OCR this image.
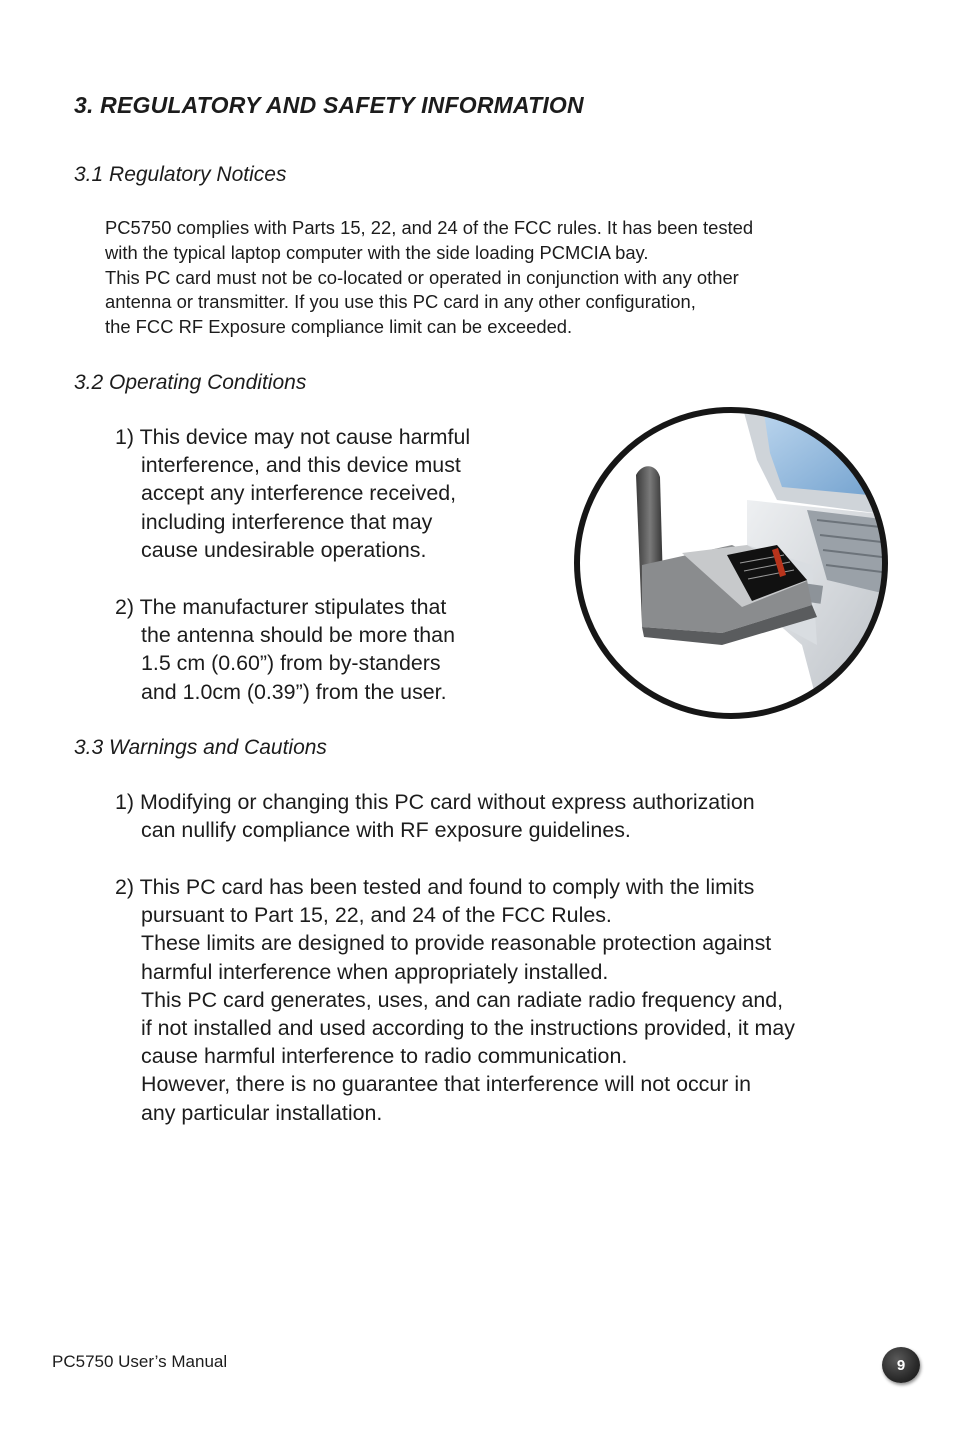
3. REGULATORY AND SAFETY INFORMATION
3.1 Regulatory Notices
PC5750 complies with Parts 15, 22, and 24 of the FCC rules. It has been tested
with the typical laptop computer with the side loading PCMCIA bay.
This PC card must not be co-located or operated in conjunction with any other
antenna or transmitter. If you use this PC card in any other configuration,
the FCC RF Exposure compliance limit can be exceeded.
3.2 Operating Conditions
1) This device may not cause harmful
interference, and this device must
accept any interference received,
including interference that may
cause undesirable operations.
2) The manufacturer stipulates that
the antenna should be more than
1.5 cm (0.60”) from by-standers
and 1.0cm (0.39”) from the user.
3.3 Warnings and Cautions
1) Modifying or changing this PC card without express authorization
can nullify compliance with RF exposure guidelines.
2) This PC card has been tested and found to comply with the limits
pursuant to Part 15, 22, and 24 of the FCC Rules.
These limits are designed to provide reasonable protection against
harmful interference when appropriately installed.
This PC card generates, uses, and can radiate radio frequency and,
if not installed and used according to the instructions provided, it may
cause harmful interference to radio communication.
However, there is no guarantee that interference will not occur in
any particular installation.
PC5750 User’s Manual	9
